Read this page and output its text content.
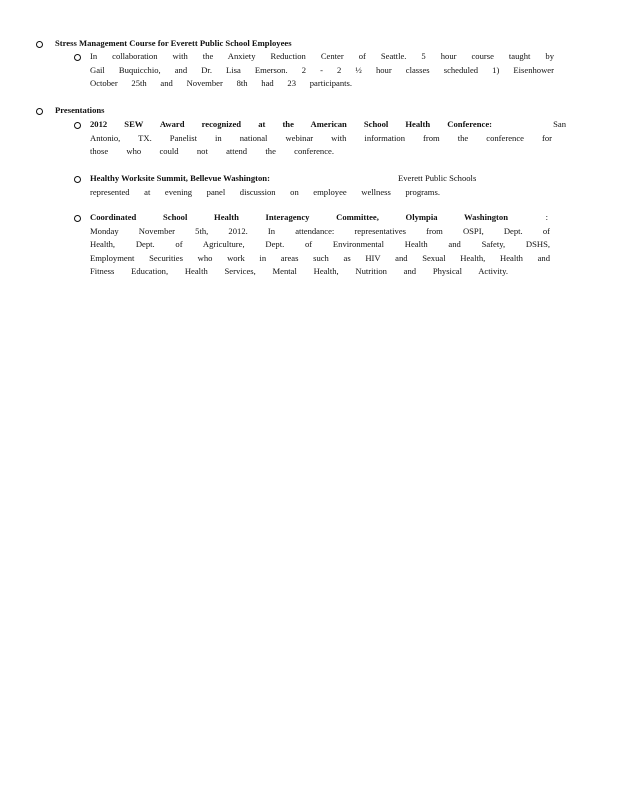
Stress Management Course for Everett Public School Employees
In collaboration with the Anxiety Reduction Center of Seattle. 5 hour course taught by
Gail Buquicchio, and Dr. Lisa Emerson. 2 - 2 ½ hour classes scheduled 1) Eisenhower
October 25th and November 8th had 23 participants.
Presentations
2012 SEW Award recognized at the American School Health Conference:	San
Antonio, TX. Panelist in national webinar with information from the conference for
those who could not attend the conference.
Healthy Worksite Summit, Bellevue Washington:	Everett Public Schools
represented at evening panel discussion on employee wellness programs.
Coordinated School Health Interagency Committee, Olympia Washington	:
Monday November 5th, 2012. In attendance: representatives from OSPI, Dept. of
Health, Dept. of Agriculture, Dept. of Environmental Health and Safety, DSHS,
Employment Securities who work in areas such as HIV and Sexual Health, Health and
Fitness Education, Health Services, Mental Health, Nutrition and Physical Activity.
